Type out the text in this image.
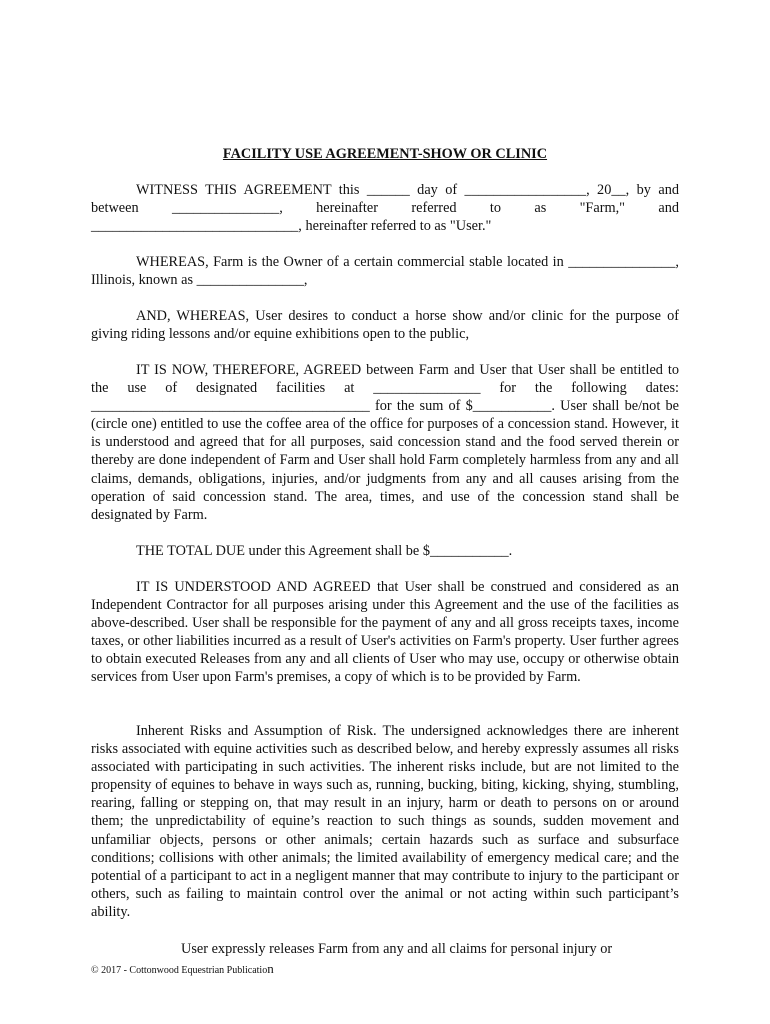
FACILITY USE AGREEMENT-SHOW OR CLINIC
WITNESS THIS AGREEMENT this ______ day of _________________, 20__, by and between _______________, hereinafter referred to as "Farm," and _____________________________, hereinafter referred to as "User."
WHEREAS, Farm is the Owner of a certain commercial stable located in _______________, Illinois, known as _______________,
AND, WHEREAS, User desires to conduct a horse show and/or clinic for the purpose of giving riding lessons and/or equine exhibitions open to the public,
IT IS NOW, THEREFORE, AGREED between Farm and User that User shall be entitled to the use of designated facilities at _______________ for the following dates: _______________________________________ for the sum of $___________. User shall be/not be (circle one) entitled to use the coffee area of the office for purposes of a concession stand. However, it is understood and agreed that for all purposes, said concession stand and the food served therein or thereby are done independent of Farm and User shall hold Farm completely harmless from any and all claims, demands, obligations, injuries, and/or judgments from any and all causes arising from the operation of said concession stand. The area, times, and use of the concession stand shall be designated by Farm.
THE TOTAL DUE under this Agreement shall be $___________.
IT IS UNDERSTOOD AND AGREED that User shall be construed and considered as an Independent Contractor for all purposes arising under this Agreement and the use of the facilities as above-described. User shall be responsible for the payment of any and all gross receipts taxes, income taxes, or other liabilities incurred as a result of User's activities on Farm's property. User further agrees to obtain executed Releases from any and all clients of User who may use, occupy or otherwise obtain services from User upon Farm's premises, a copy of which is to be provided by Farm.
Inherent Risks and Assumption of Risk. The undersigned acknowledges there are inherent risks associated with equine activities such as described below, and hereby expressly assumes all risks associated with participating in such activities. The inherent risks include, but are not limited to the propensity of equines to behave in ways such as, running, bucking, biting, kicking, shying, stumbling, rearing, falling or stepping on, that may result in an injury, harm or death to persons on or around them; the unpredictability of equine’s reaction to such things as sounds, sudden movement and unfamiliar objects, persons or other animals; certain hazards such as surface and subsurface conditions; collisions with other animals; the limited availability of emergency medical care; and the potential of a participant to act in a negligent manner that may contribute to injury to the participant or others, such as failing to maintain control over the animal or not acting within such participant’s ability.
User expressly releases Farm from any and all claims for personal injury or
© 2017 - Cottonwood Equestrian Publication
